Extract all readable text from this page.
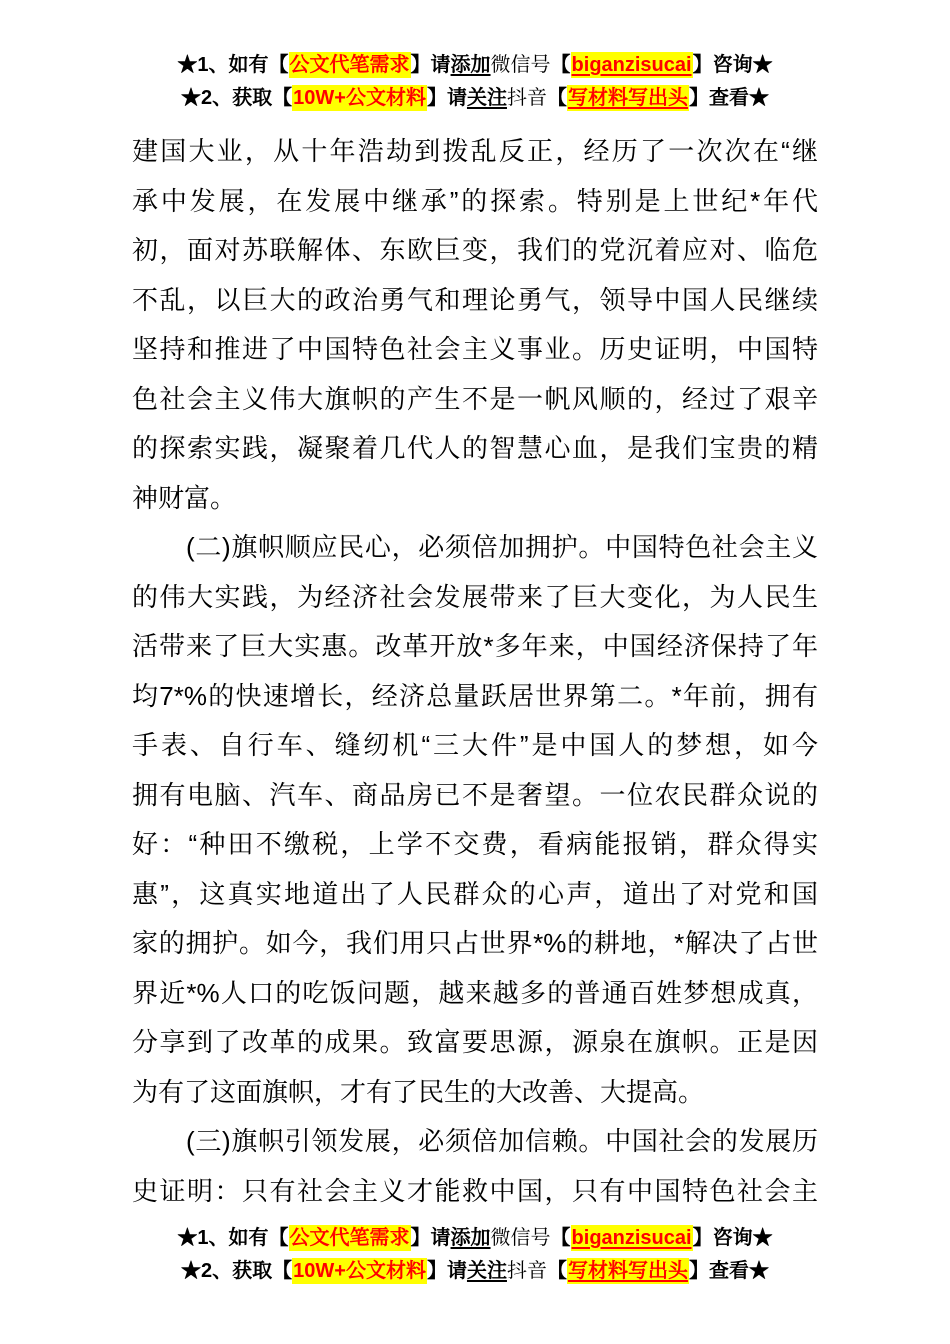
★1、如有【公文代笔需求】请添加微信号【biganzisucai】咨询★
★2、获取【10W+公文材料】请关注抖音【写材料写出头】查看★
建国大业，从十年浩劫到拨乱反正，经历了一次次在“继
承中发展，在发展中继承”的探索。特别是上世纪*年代
初，面对苏联解体、东欧巨变，我们的党沉着应对、临危
不乱，以巨大的政治勇气和理论勇气，领导中国人民继续
坚持和推进了中国特色社会主义事业。历史证明，中国特
色社会主义伟大旗帜的产生不是一帆风顺的，经过了艰辛
的探索实践，凝聚着几代人的智慧心血，是我们宝贵的精
神财富。
(二)旗帜顺应民心，必须倍加拥护。中国特色社会主义
的伟大实践，为经济社会发展带来了巨大变化，为人民生
活带来了巨大实惠。改革开放*多年来，中国经济保持了年
均7*%的快速增长，经济总量跃居世界第二。*年前，拥有
手表、自行车、缝纫机“三大件”是中国人的梦想，如今
拥有电脑、汽车、商品房已不是奢望。一位农民群众说的
好：“种田不缴税，上学不交费，看病能报销，群众得实
惠”，这真实地道出了人民群众的心声，道出了对党和国
家的拥护。如今，我们用只占世界*%的耕地，*解决了占世
界近*%人口的吃饭问题，越来越多的普通百姓梦想成真，
分享到了改革的成果。致富要思源，源泉在旗帜。正是因
为有了这面旗帜，才有了民生的大改善、大提高。
(三)旗帜引领发展，必须倍加信赖。中国社会的发展历
史证明：只有社会主义才能救中国，只有中国特色社会主
★1、如有【公文代笔需求】请添加微信号【biganzisucai】咨询★
★2、获取【10W+公文材料】请关注抖音【写材料写出头】查看★
